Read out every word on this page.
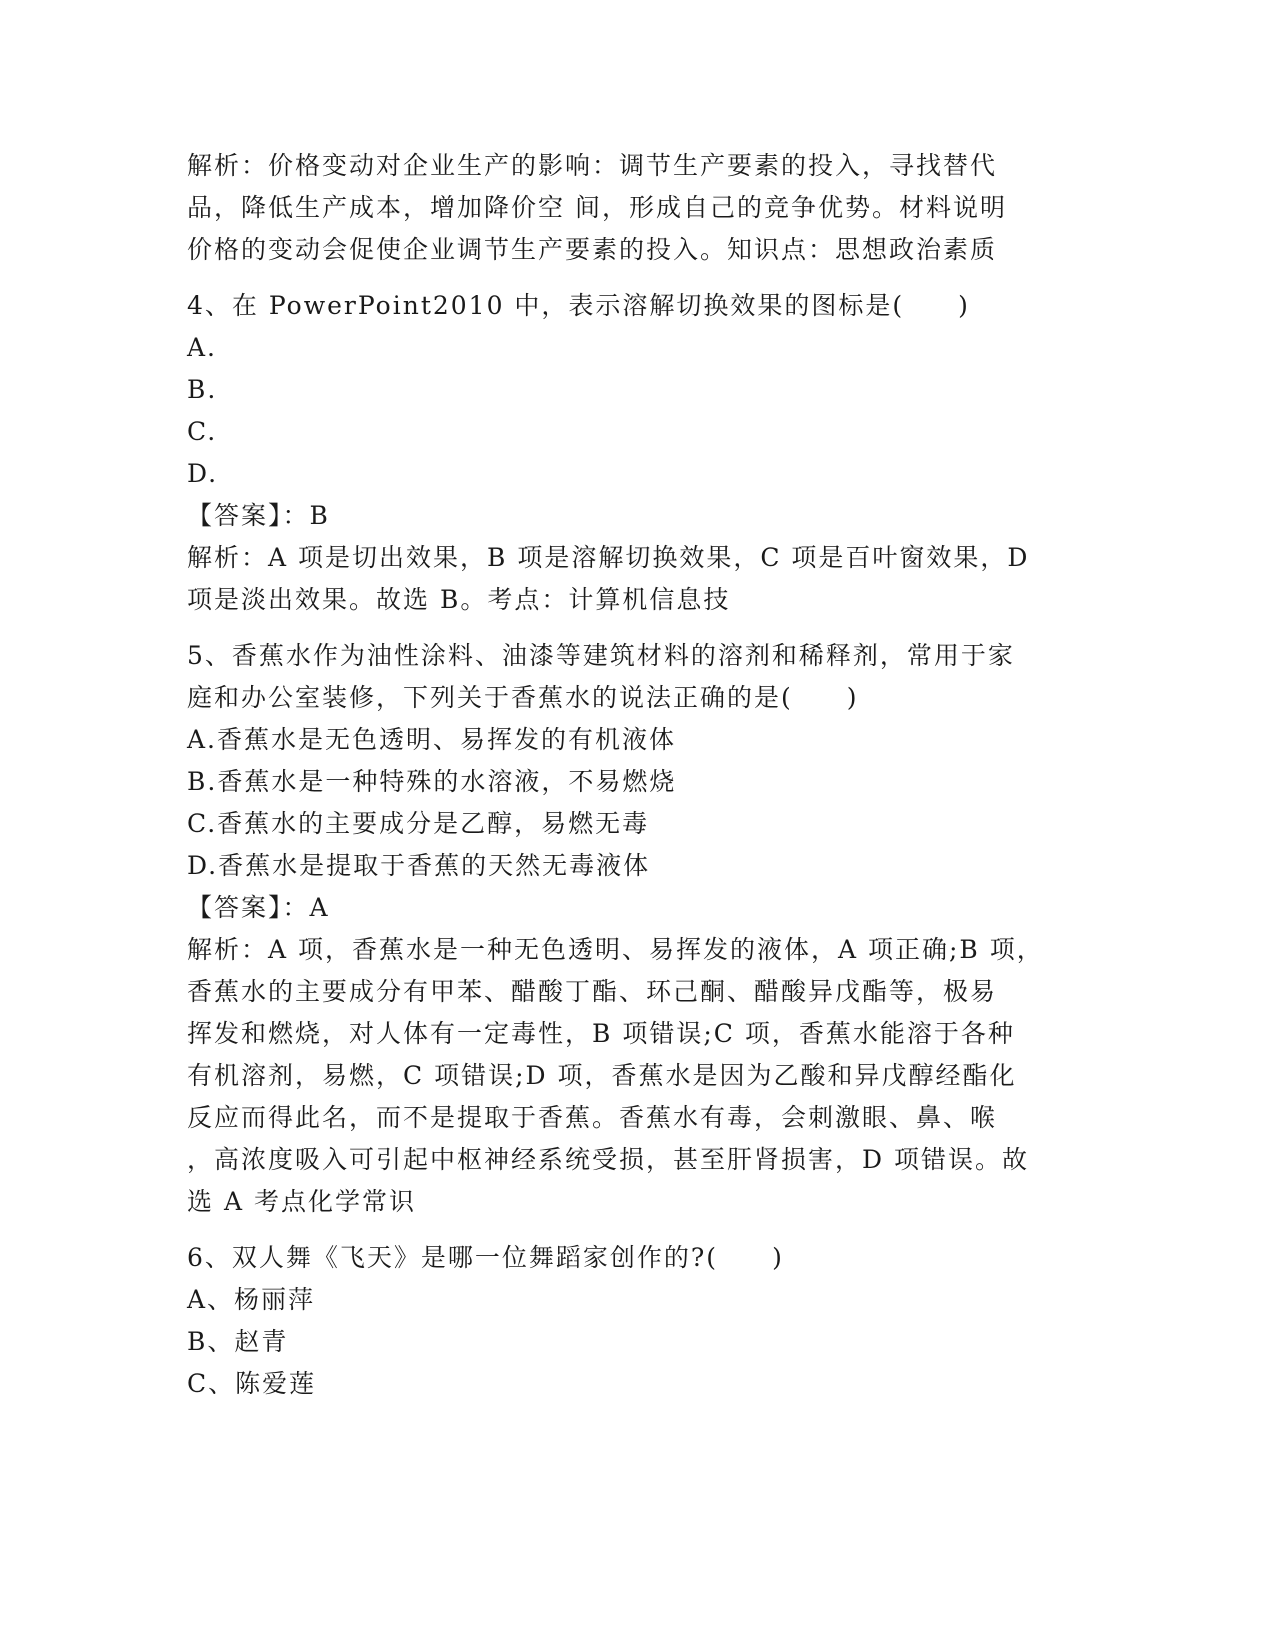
解析：价格变动对企业生产的影响：调节生产要素的投入，寻找替代
品，降低生产成本，增加降价空 间，形成自己的竞争优势。材料说明
价格的变动会促使企业调节生产要素的投入。知识点：思想政治素质
4、在 PowerPoint2010 中，表示溶解切换效果的图标是(　　)
A.
B.
C.
D.
【答案】：B
解析：A 项是切出效果，B 项是溶解切换效果，C 项是百叶窗效果，D
项是淡出效果。故选 B。考点：计算机信息技
5、香蕉水作为油性涂料、油漆等建筑材料的溶剂和稀释剂，常用于家
庭和办公室装修，下列关于香蕉水的说法正确的是(　　)
A.香蕉水是无色透明、易挥发的有机液体
B.香蕉水是一种特殊的水溶液，不易燃烧
C.香蕉水的主要成分是乙醇，易燃无毒
D.香蕉水是提取于香蕉的天然无毒液体
【答案】：A
解析：A 项，香蕉水是一种无色透明、易挥发的液体，A 项正确;B 项，
香蕉水的主要成分有甲苯、醋酸丁酯、环己酮、醋酸异戊酯等，极易
挥发和燃烧，对人体有一定毒性，B 项错误;C 项，香蕉水能溶于各种
有机溶剂，易燃，C 项错误;D 项，香蕉水是因为乙酸和异戊醇经酯化
反应而得此名，而不是提取于香蕉。香蕉水有毒，会刺激眼、鼻、喉
，高浓度吸入可引起中枢神经系统受损，甚至肝肾损害，D 项错误。故
选 A 考点化学常识
6、双人舞《飞天》是哪一位舞蹈家创作的?(　　)
A、杨丽萍
B、赵青
C、陈爱莲
